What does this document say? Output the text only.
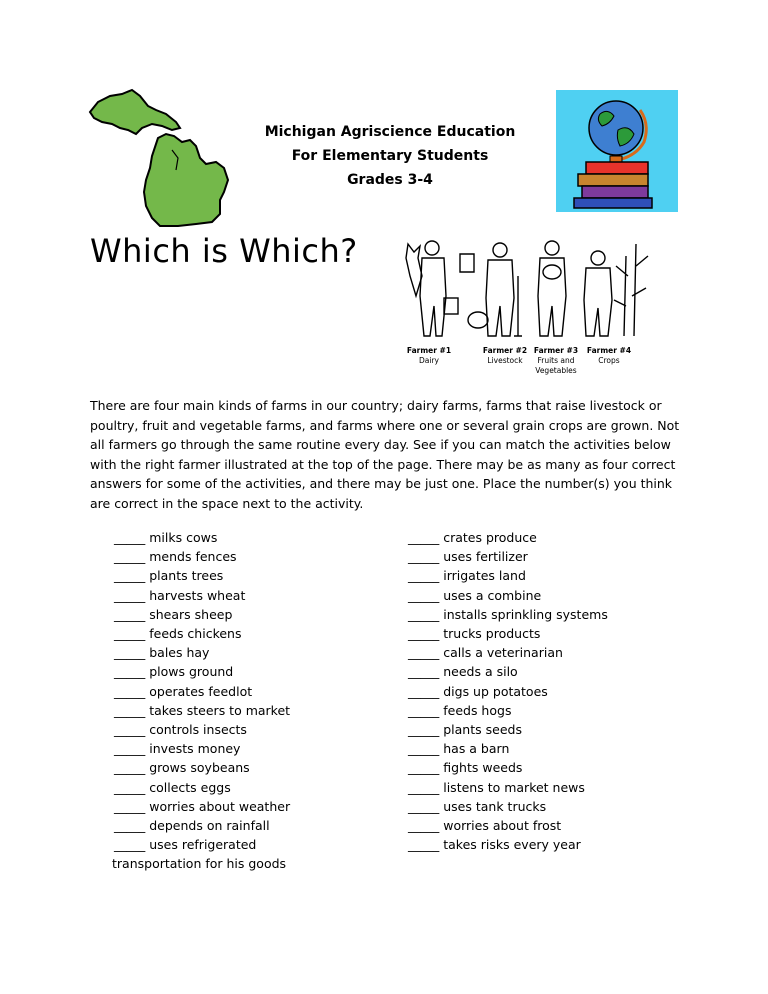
Michigan Agriscience Education
For Elementary Students
Grades 3-4
Which is Which?
Farmer #1
Dairy
Farmer #2
Livestock
Farmer #3
Fruits and Vegetables
Farmer #4
Crops
There are four main kinds of farms in our country; dairy farms, farms that raise livestock or poultry, fruit and vegetable farms, and farms where one or several grain crops are grown. Not all farmers go through the same routine every day. See if you can match the activities below with the right farmer illustrated at the top of the page. There may be as many as four correct answers for some of the activities, and there may be just one. Place the number(s) you think are correct in the space next to the activity.
_____ milks cows
_____ mends fences
_____ plants trees
_____ harvests wheat
_____ shears sheep
_____ feeds chickens
_____ bales hay
_____ plows ground
_____ operates feedlot
_____ takes steers to market
_____ controls insects
_____ invests money
_____ grows soybeans
_____ collects eggs
_____ worries about weather
_____ depends on rainfall
_____ uses refrigerated
transportation for his goods
_____ crates produce
_____ uses fertilizer
_____ irrigates land
_____ uses a combine
_____ installs sprinkling systems
_____ trucks products
_____ calls a veterinarian
_____ needs a silo
_____ digs up potatoes
_____ feeds hogs
_____ plants seeds
_____ has a barn
_____ fights weeds
_____ listens to market news
_____ uses tank trucks
_____ worries about frost
_____ takes risks every year
